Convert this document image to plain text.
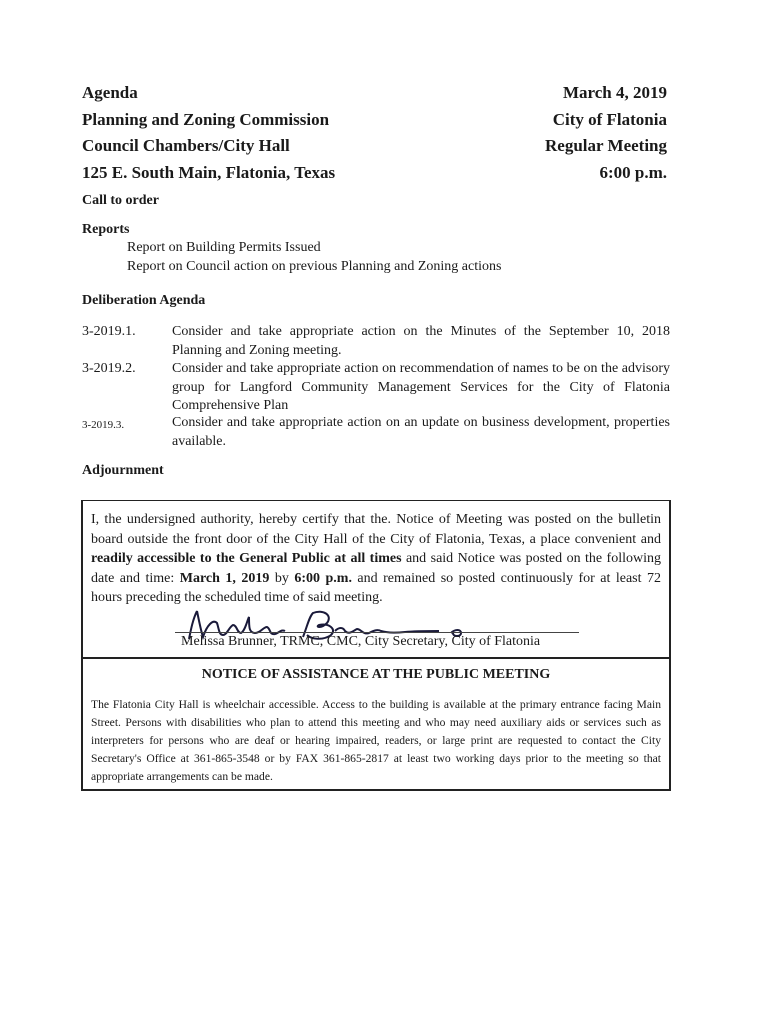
Agenda
Planning and Zoning Commission
Council Chambers/City Hall
125 E. South Main, Flatonia, Texas
March 4, 2019
City of Flatonia
Regular Meeting
6:00 p.m.
Call to order
Reports
Report on Building Permits Issued
Report on Council action on previous Planning and Zoning actions
Deliberation Agenda
3-2019.1.	Consider and take appropriate action on the Minutes of the September 10, 2018 Planning and Zoning meeting.
3-2019.2.	Consider and take appropriate action on recommendation of names to be on the advisory group for Langford Community Management Services for the City of Flatonia Comprehensive Plan
3-2019.3.	Consider and take appropriate action on an update on business development, properties available.
Adjournment
I, the undersigned authority, hereby certify that the. Notice of Meeting was posted on the bulletin board outside the front door of the City Hall of the City of Flatonia, Texas, a place convenient and readily accessible to the General Public at all times and said Notice was posted on the following date and time: March 1, 2019 by 6:00 p.m. and remained so posted continuously for at least 72 hours preceding the scheduled time of said meeting.
Melissa Brunner, TRMC, CMC, City Secretary, City of Flatonia
NOTICE OF ASSISTANCE AT THE PUBLIC MEETING
The Flatonia City Hall is wheelchair accessible. Access to the building is available at the primary entrance facing Main Street. Persons with disabilities who plan to attend this meeting and who may need auxiliary aids or services such as interpreters for persons who are deaf or hearing impaired, readers, or large print are requested to contact the City Secretary's Office at 361-865-3548 or by FAX 361-865-2817 at least two working days prior to the meeting so that appropriate arrangements can be made.
